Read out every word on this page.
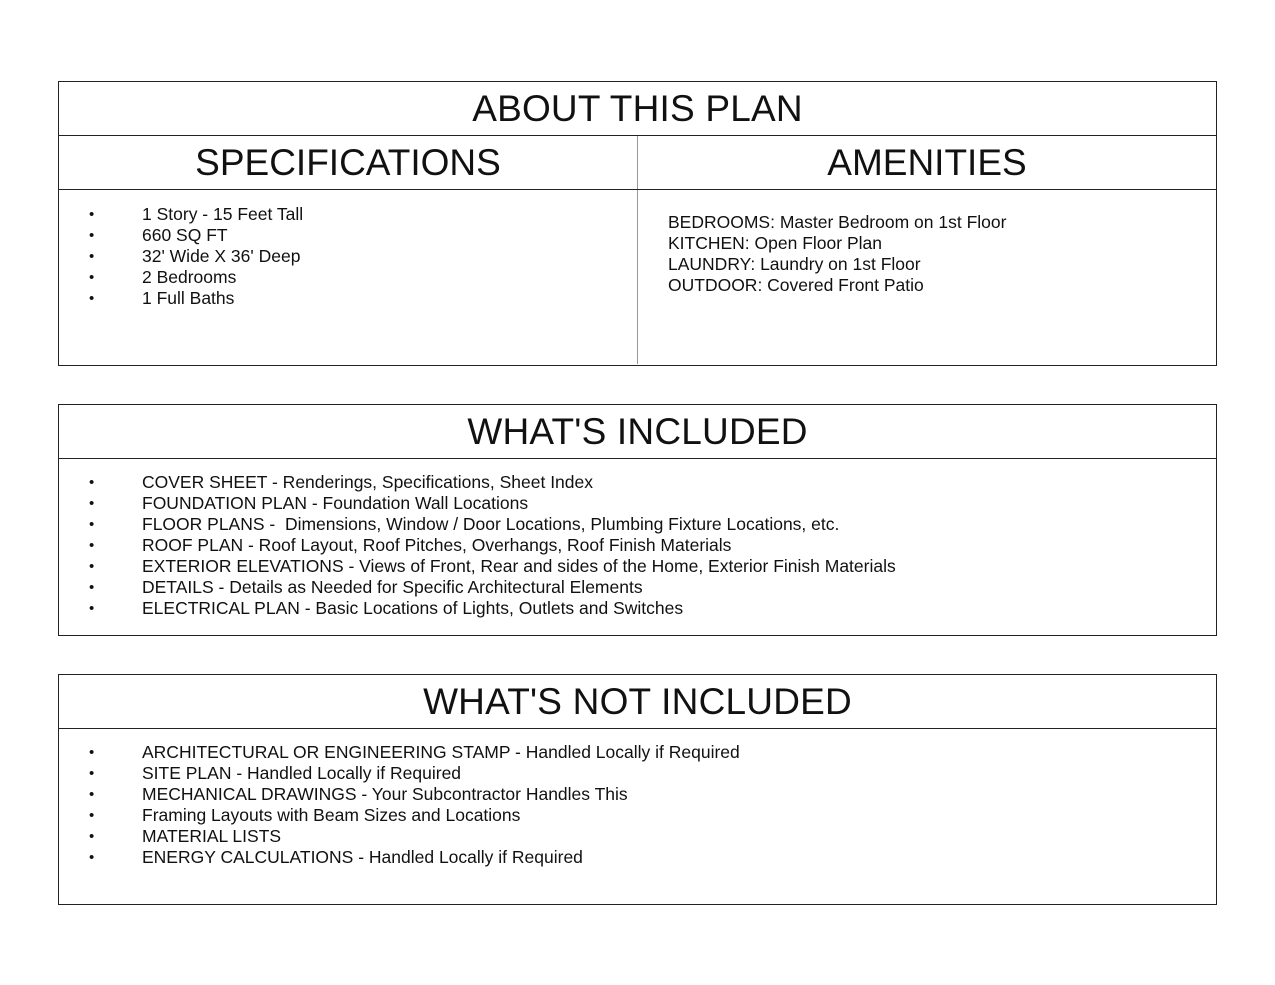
ABOUT THIS PLAN
SPECIFICATIONS	AMENITIES
•	1 Story - 15 Feet Tall
•	660 SQ FT
•	32' Wide X 36' Deep
•	2 Bedrooms
•	1 Full Baths
BEDROOMS: Master Bedroom on 1st Floor
KITCHEN: Open Floor Plan
LAUNDRY: Laundry on 1st Floor
OUTDOOR: Covered Front Patio
WHAT'S INCLUDED
•	COVER SHEET - Renderings, Specifications, Sheet Index
•	FOUNDATION PLAN - Foundation Wall Locations
•	FLOOR PLANS -  Dimensions, Window / Door Locations, Plumbing Fixture Locations, etc.
•	ROOF PLAN - Roof Layout, Roof Pitches, Overhangs, Roof Finish Materials
•	EXTERIOR ELEVATIONS - Views of Front, Rear and sides of the Home, Exterior Finish Materials
•	DETAILS - Details as Needed for Specific Architectural Elements
•	ELECTRICAL PLAN - Basic Locations of Lights, Outlets and Switches
WHAT'S NOT INCLUDED
•	ARCHITECTURAL OR ENGINEERING STAMP - Handled Locally if Required
•	SITE PLAN - Handled Locally if Required
•	MECHANICAL DRAWINGS - Your Subcontractor Handles This
•	Framing Layouts with Beam Sizes and Locations
•	MATERIAL LISTS
•	ENERGY CALCULATIONS - Handled Locally if Required
